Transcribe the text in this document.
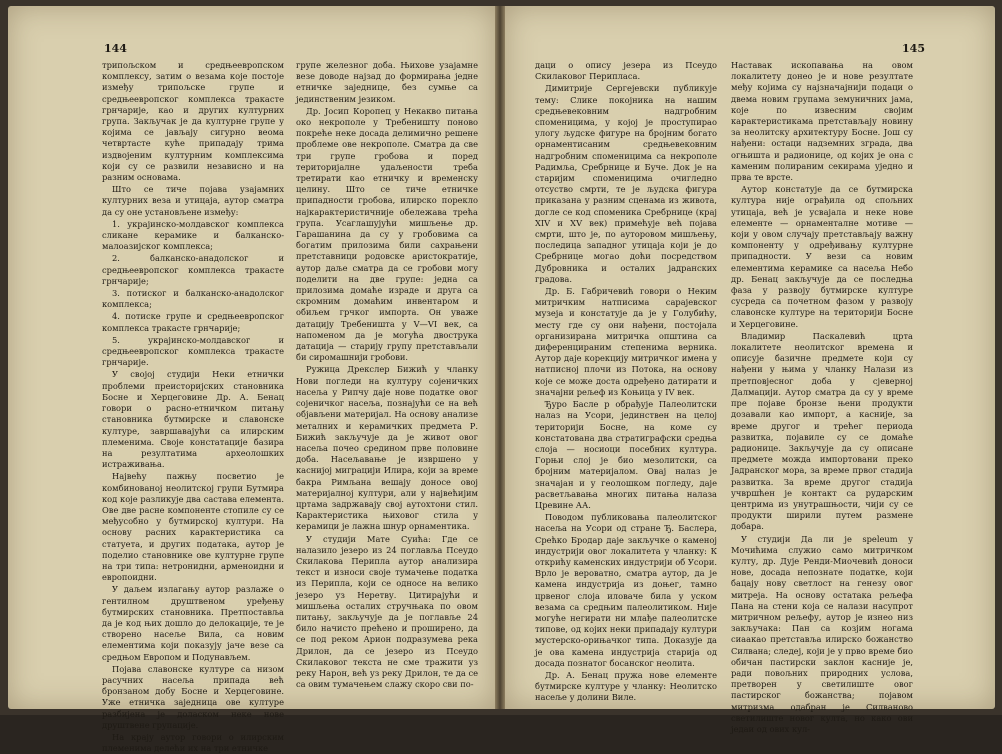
144

трипољском и средњеевропском комплексу, затим о везама које постоје између трипољске групе и средњеевропског комплекса тракасте грнчарије, као и других културних група. Закључак је да културне групе у којима се јављају сигурно веома четвртасте куће припадају трима издвојеним културним комплексима који су се развили независно и на разним основама.

Што се тиче појава узајамних културних веза и утицаја, аутор сматра да су оне установљене између:

1. украјинско-молдавског комплекса сликане керамике и балканско-малоазијског комплекса;

2. балканско-анадолског и средњеевропског комплекса тракасте грнчарије;

3. потиског и балканско-анадолског комплекса;

4. потиске групе и средњеевропског комплекса тракасте грнчарије;

5. украјинско-молдавског и средњеевропског комплекса тракасте грнчарије.

У својој студији Неки етнички проблеми преисторијских становника Босне и Херцеговине Др. А. Бенац говори о расно-етничком питању становника бутмирске и славонске културе, завршавајући са илирским племенима. Своје констатације базира на резултатима археолошких истраживања.

Највећу пажњу посветио је комбинованој неолитској групи Бутмира код које разликује два састава елемента. Ове две расне компоненте стопиле су се међусобно у бутмирској култури. На основу расних карактеристика са статуета, и других података, аутор је поделио становнике ове културне групе на три типа: нетронидни, арменоидни и европоидни.

У даљем излагању аутор разлаже о гентилном друштвеном уређењу бутмирских становника. Претпоставља да је код њих дошло до делокације, те је створено насеље Вила, са новим елементима који показују јаче везе са средњом Европом и Подунављем.

Појава славонске културе са низом расучних насеља припада већ бронзаном добу Босне и Херцеговине. Уже етничка заједница ове културе разбијена је доласком неке нове друштвене групације.

На крају аутор говори о илирским племенима делећи их на три етничке

групе железног доба. Њихове узајамне везе доводе најзад до формирања једне етничке заједнице, без сумње са јединственим језиком.

Др. Јосип Коропец у Некакво питања око некрополе у Требеништу поново покреће неке досада делимично решене проблеме ове некрополе. Сматра да све три групе гробова и поред територијалне удаљености треба третирати као етничку и временску целину. Што се тиче етничке припадности гробова, илирско порекло најкарактеристичније обележава трећа група. Усаглашујући мишљење др. Гарашанина да су у гробовима са богатим прилозима били сахрањени претставници родовске аристократије, аутор даље сматра да се гробови могу поделити на две групе: једна са прилозима домаће израде и друга са скромним домаћим инвентаром и обиљем грчког импорта. Он уваже датацију Требеништа у V—VI век, са напоменом да је могућа двострука датација — старију групу претстављали би сиромашнији гробови.

Ружица Дрекслер Бижић у чланку Нови погледи на културу сојеничких насеља у Рипчу даје нове податке овог сојеничког насеља, познајући се на већ објављени материјал. На основу анализе металних и керамичких предмета Р. Бижић закључује да је живот овог насеља почео средином прве половине доба. Насељавање је извршено у каснијој миграцији Илира, који за време бакра Римљана вешају доносе овој материјалној култури, али у највећијим цртама задржавају свој аутохтони стил. Карактеристика њиховог стила у керамици је лажна шнур орнаментика.

У студији Мате Суића: Где се налазило језеро из 24 поглавља Псеудо Скилакова Перипла аутор анализира текст и износи своје тумачење податка из Перипла, који се односе на велико језеро уз Неретву. Цитирајући и мишљења осталих стручњака по овом питању, закључује да је поглавље 24 било начисто прећено и проширено, да се под реком Арион подразумева река Дрилон, да се језеро из Псеудо Скилаковог текста не сме тражити уз реку Нарон, већ уз реку Дрилон, те да се са овим тумачењем слажу скоро сви по-

145

даци о опису језера из Псеудо Скилаковог Перипласа.

Димитрије Сергејевски публикује тему: Слике покојника на нашим средњевековним надгробним споменицима, у којој је проступирао улогу људске фигуре на бројним богато орнаментисаним средњевековним надгробним споменицима са некрополе Радимља, Сребрнице и Буче. Док је на старијим споменицима очигледно отсуство смрти, те је људска фигура приказана у разним сценама из живота, догле се код споменика Сребрнице (крај XIV и XV век) примећује већ појава смрти, што је, по ауторовом мишљењу, последица западног утицаја који је до Сребрнице могао доћи посредством Дубровника и осталих јадранских градова.

Др. Б. Габричевић говори о Неким митричким натписима сарајевског музеја и констатује да је у Голубићу, месту где су они нађени, постојала организирана митричка општина са диференцираним степенима верника. Аутор даје корекцију митричког имена у натписној плочи из Потока, на основу које се може доста одређено датирати и значајни рељеф из Коњица у IV век.

Ђуро Басле р обрађује Палеолитски налаз на Усори, јединствен на целој територији Босне, на коме су констатована два стратиграфски средња слоја — носиоци посебних култура. Горњи слој је био мезолитски, са бројним материјалом. Овај налаз је значајан и у геолошком погледу, даје расветљавања многих питања налаза Цревине АА.

Поводом публиковања палеолитског насеља на Усори од стране Ђ. Баслера, Срећко Бродар даје закључке о каменој индустрији овог локалитета у чланку: К открићу каменских индустрији об Усори. Врло је вероватно, сматра аутор, да је камена индустрија из доњег, тамно црвеног слоја иловаче била у уском везама са средњим палеолитиком. Није могуће негирати ни млађе палеолитске типове, од којих неки припадају култури мустерско-орињачког типа. Доказује да је ова камена индустрија старија од досада познатог босанског неолита.

Др. А. Бенац пружа нове елементе бутмирске културе у чланку: Неолитско насеље у долини Виле.

Наставак ископавања на овом локалитету донео је и нове резултате међу којима су најзначајнији подаци о двема новим групама земуничних јама, које по извесним својим карактеристикама претстављају новину за неолитску архитектуру Босне. Још су нађени: остаци надземних зграда, два огњишта и радионице, од којих је она с каменим полираним секирама уједно и прва те врсте.

Аутор констатује да се бутмирска култура није ограђила од спољних утицаја, већ је усвајала и неке нове елементе — орнаменталне мотиве — који у овом случају претстављају важну компоненту у одређивању културне припадности. У вези са новим елементима керамике са насеља Небо др. Бенац закључује да се последња фаза у развоју бутмирске културе сусреда са почетном фазом у развоју славонске културе на територији Босне и Херцеговине.

Владимир Паскалевић црта локалитете неолитског времена и описује базичне предмете који су нађени у њима у чланку Налази из претповјесног доба у сјеверној Далмацији. Аутор сматра да су у време пре појаве бронзе њени продукти дозавали као импорт, а касније, за време другог и трећег периода развитка, појавиле су се домаће радионице. Закључује да су описане предмете можда импортовани преко Јадранског мора, за време првог стадија развитка. За време другог стадија учвршћен је контакт са рударским центрима из унутрашњости, чији су се продукти ширили путем размене добара.

У студији Да ли је spelеum у Мочићима служио само митричком култу, др. Дује Ренди-Миочевић доноси нове, досада непознате податке, који бацају нову светлост на генезу овог митреја. На основу остатака рељефа Пана на стени која се налази насупрот митричном рељефу, аутор је изнео низ закључака: Пан са козјим ногама сиаакао претставља илирско божанство Силвана; следеј, који је у прво време био обичан пастирски заклон касније је, ради повољних природних услова, претворен у светилиште овог пастирског божанства; појавом митризма одабран је Силваново светилиште новог култа, но како ови једаи од ових кул-
